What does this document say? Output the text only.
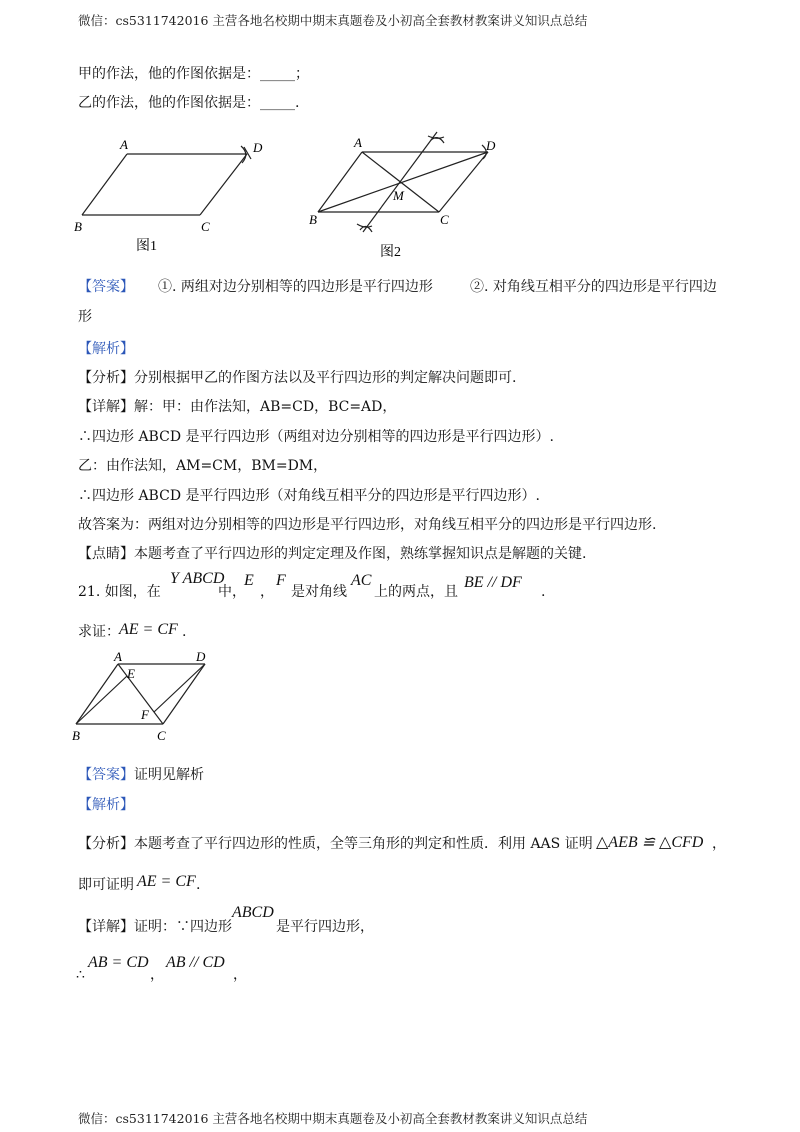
微信：cs5311742016 主营各地名校期中期末真题卷及小初高全套教材教案讲义知识点总结
甲的作法，他的作图依据是：_____；
乙的作法，他的作图依据是：_____.
A	D
B	C
图1
A	D
M
B	C
图2
【答案】 ①. 两组对边分别相等的四边形是平行四边形	②. 对角线互相平分的四边形是平行四边
形
【解析】
【分析】分别根据甲乙的作图方法以及平行四边形的判定解决问题即可.
【详解】解：甲：由作法知，AB=CD，BC=AD，
∴四边形 ABCD 是平行四边形（两组对边分别相等的四边形是平行四边形）.
乙：由作法知，AM=CM，BM=DM，
∴四边形 ABCD 是平行四边形（对角线互相平分的四边形是平行四边形）.
故答案为：两组对边分别相等的四边形是平行四边形，对角线互相平分的四边形是平行四边形.
【点睛】本题考查了平行四边形的判定定理及作图，熟练掌握知识点是解题的关键.
21. 如图，在
Y ABCD
中，
E
，
F
是对角线
AC
上的两点，且
BE // DF
.
求证： AE = CF .
A	D
E
F
B	C
【答案】证明见解析
【解析】
【分析】本题考查了平行四边形的性质，全等三角形的判定和性质．利用 AAS 证明 △AEB ≌ △CFD ，
即可证明 AE = CF .
【详解】证明：∵四边形
ABCD
是平行四边形，
∴
AB = CD
，
AB // CD
，
微信：cs5311742016 主营各地名校期中期末真题卷及小初高全套教材教案讲义知识点总结
